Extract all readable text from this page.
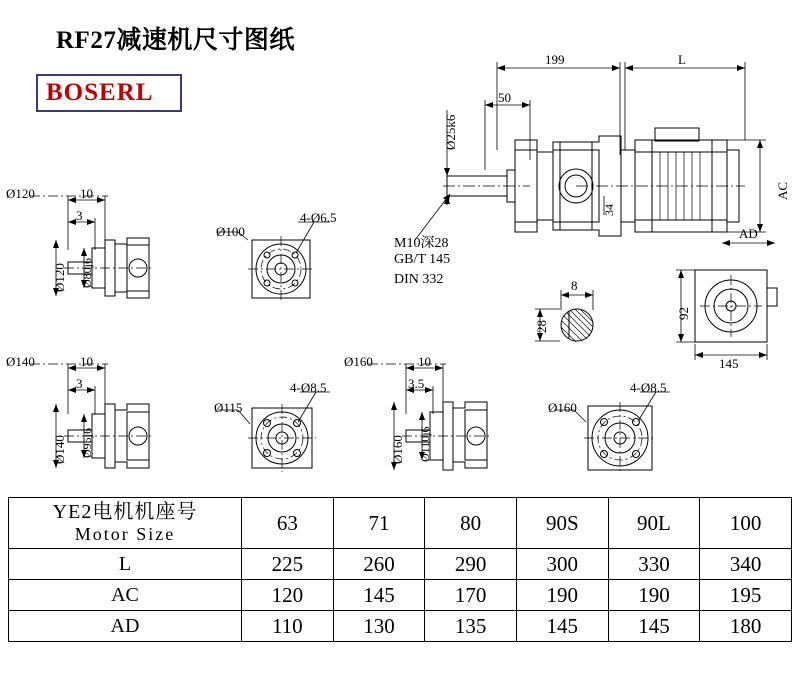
RF27减速机尺寸图纸
BOSERL
199	L
50
Ø25k6
34
AC
M10深28
GB/T 145
DIN 332	8
28
AD
92
145
Ø120	10
3
Ø120 Ø80j6
Ø100
4-Ø6.5
Ø140	10
3
Ø140 Ø95j6
Ø115
4-Ø8.5
Ø160	10
3.5
Ø160 Ø110j6
Ø160
4-Ø8.5
YE2电机机座号
Motor Size	63	71	80	90S	90L	100
L	225	260	290	300	330	340
AC	120	145	170	190	190	195
AD	110	130	135	145	145	180
